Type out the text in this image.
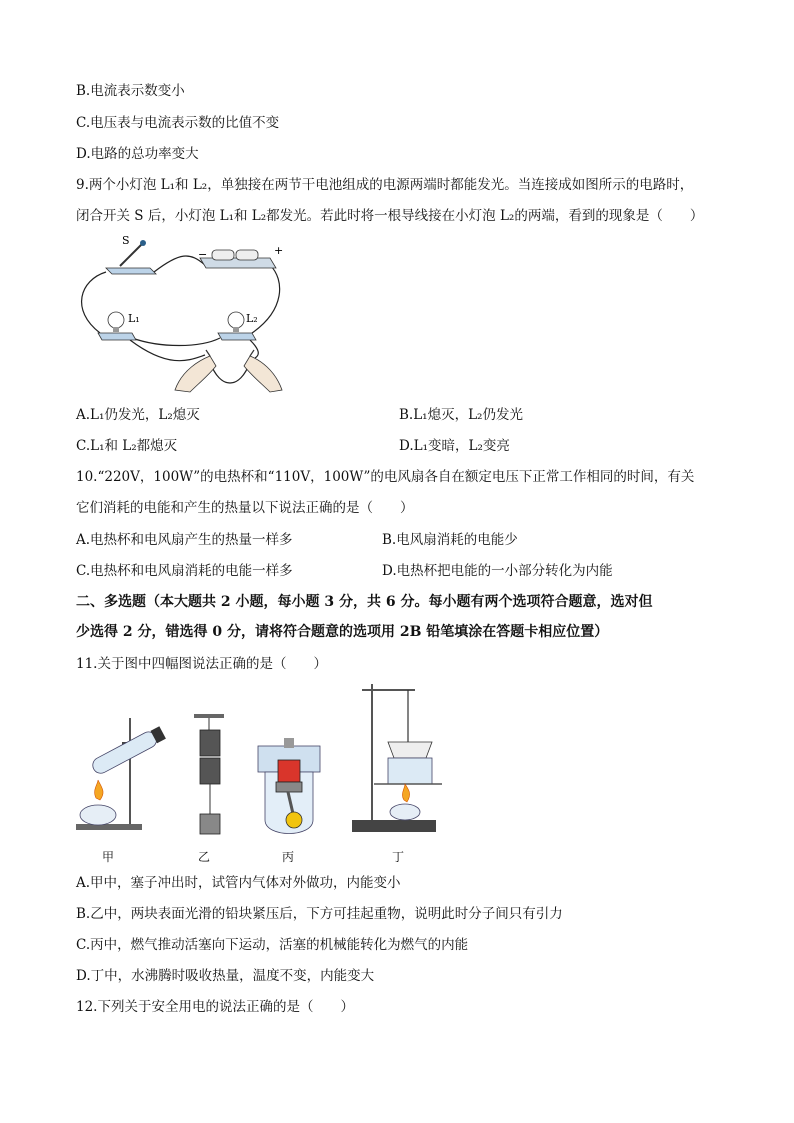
B.电流表示数变小
C.电压表与电流表示数的比值不变
D.电路的总功率变大
9.两个小灯泡 L₁和 L₂，单独接在两节干电池组成的电源两端时都能发光。当连接成如图所示的电路时，
闭合开关 S 后，小灯泡 L₁和 L₂都发光。若此时将一根导线接在小灯泡 L₂的两端，看到的现象是（　　）
S
−	+
L₁	L₂
A.L₁仍发光，L₂熄灭	B.L₁熄灭，L₂仍发光
C.L₁和 L₂都熄灭	D.L₁变暗，L₂变亮
10.“220V，100W”的电热杯和“110V，100W”的电风扇各自在额定电压下正常工作相同的时间，有关
它们消耗的电能和产生的热量以下说法正确的是（　　）
A.电热杯和电风扇产生的热量一样多	B.电风扇消耗的电能少
C.电热杯和电风扇消耗的电能一样多	D.电热杯把电能的一小部分转化为内能
二、多选题（本大题共 2 小题，每小题 3 分，共 6 分。每小题有两个选项符合题意，选对但
少选得 2 分，错选得 0 分，请将符合题意的选项用 2B 铅笔填涂在答题卡相应位置）
11.关于图中四幅图说法正确的是（　　）
甲	乙	丙	丁
A.甲中，塞子冲出时，试管内气体对外做功，内能变小
B.乙中，两块表面光滑的铅块紧压后，下方可挂起重物，说明此时分子间只有引力
C.丙中，燃气推动活塞向下运动，活塞的机械能转化为燃气的内能
D.丁中，水沸腾时吸收热量，温度不变，内能变大
12.下列关于安全用电的说法正确的是（　　）
